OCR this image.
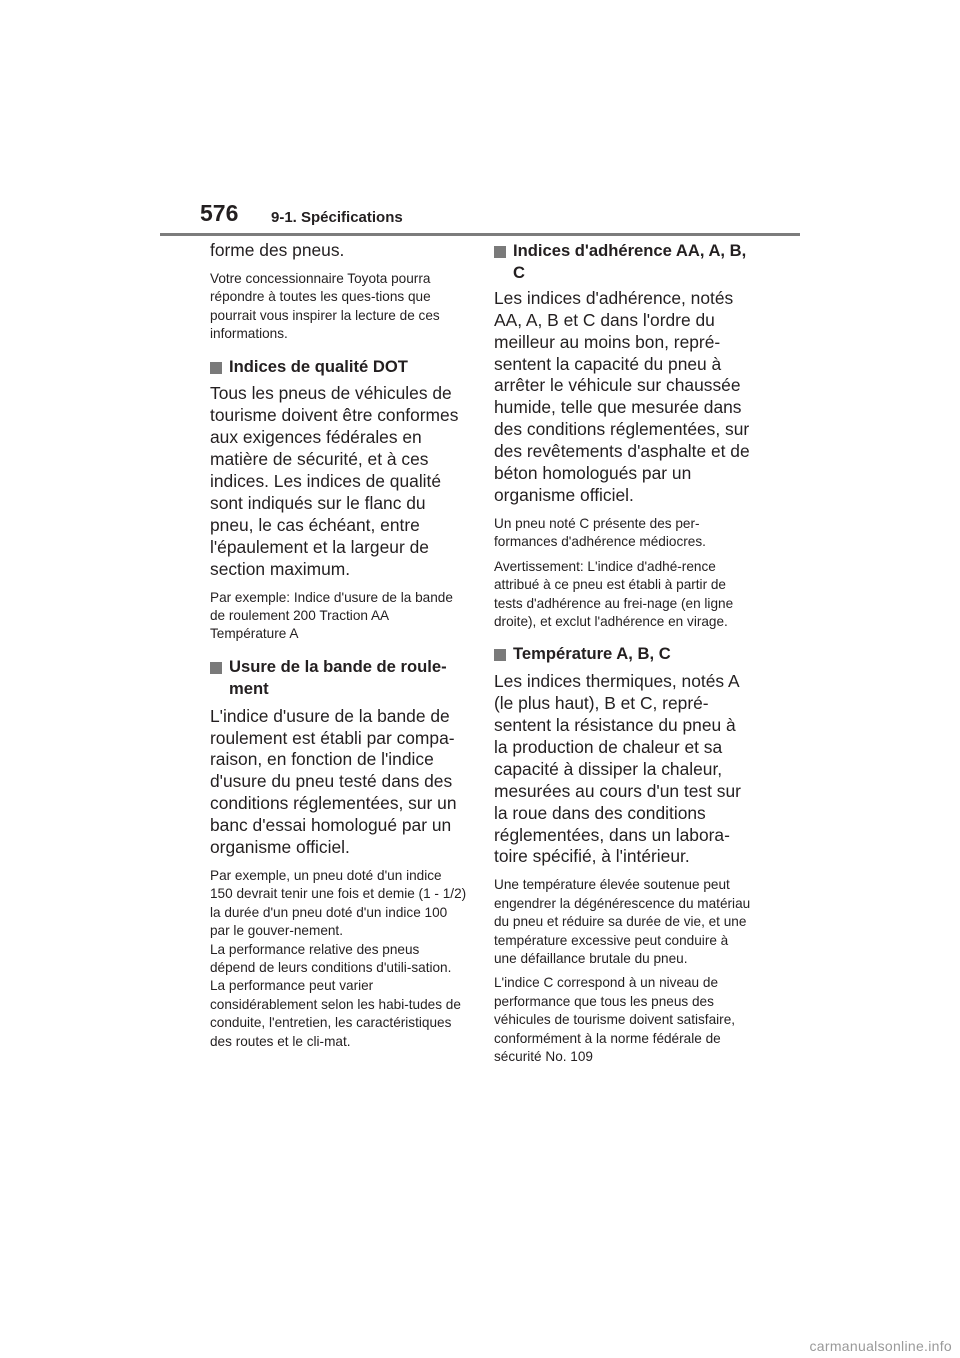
576 9-1. Spécifications

forme des pneus.

Votre concessionnaire Toyota pourra répondre à toutes les ques-tions que pourrait vous inspirer la lecture de ces informations.

Indices de qualité DOT

Tous les pneus de véhicules de tourisme doivent être conformes aux exigences fédérales en matière de sécurité, et à ces indices. Les indices de qualité sont indiqués sur le flanc du pneu, le cas échéant, entre l'épaulement et la largeur de section maximum.

Par exemple: Indice d'usure de la bande de roulement 200 Traction AA Température A

Usure de la bande de roule-ment

L'indice d'usure de la bande de roulement est établi par compa-raison, en fonction de l'indice d'usure du pneu testé dans des conditions réglementées, sur un banc d'essai homologué par un organisme officiel.

Par exemple, un pneu doté d'un indice 150 devrait tenir une fois et demie (1 - 1/2) la durée d'un pneu doté d'un indice 100 par le gouver-nement.

La performance relative des pneus dépend de leurs conditions d'utili-sation. La performance peut varier considérablement selon les habi-tudes de conduite, l'entretien, les caractéristiques des routes et le cli-mat.

Indices d'adhérence AA, A, B, C

Les indices d'adhérence, notés AA, A, B et C dans l'ordre du meilleur au moins bon, repré-sentent la capacité du pneu à arrêter le véhicule sur chaussée humide, telle que mesurée dans des conditions réglementées, sur des revêtements d'asphalte et de béton homologués par un organisme officiel.

Un pneu noté C présente des per-formances d'adhérence médiocres.

Avertissement: L'indice d'adhé-rence attribué à ce pneu est établi à partir de tests d'adhérence au frei-nage (en ligne droite), et exclut l'adhérence en virage.

Température A, B, C

Les indices thermiques, notés A (le plus haut), B et C, repré-sentent la résistance du pneu à la production de chaleur et sa capacité à dissiper la chaleur, mesurées au cours d'un test sur la roue dans des conditions réglementées, dans un labora-toire spécifié, à l'intérieur.

Une température élevée soutenue peut engendrer la dégénérescence du matériau du pneu et réduire sa durée de vie, et une température excessive peut conduire à une défaillance brutale du pneu.

L'indice C correspond à un niveau de performance que tous les pneus des véhicules de tourisme doivent satisfaire, conformément à la norme fédérale de sécurité No. 109

carmanualsonline.info
